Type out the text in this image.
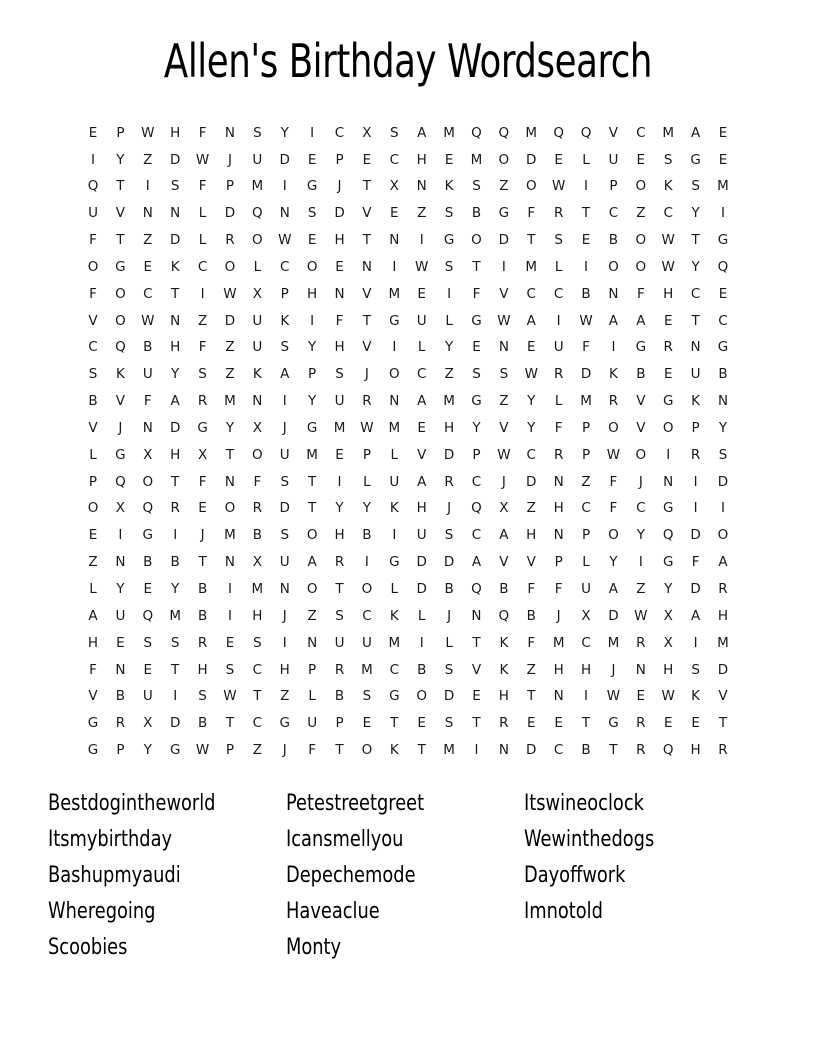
Allen's Birthday Wordsearch
E P W H F N S Y I C X S A M Q Q M Q Q V C M A E
I Y Z D W J U D E P E C H E M O D E L U E S G E
Q T I S F P M I G J T X N K S Z O W I P O K S M
U V N N L D Q N S D V E Z S B G F R T C Z C Y I
F T Z D L R O W E H T N I G O D T S E B O W T G
O G E K C O L C O E N I W S T I M L I O O W Y Q
F O C T I W X P H N V M E I F V C C B N F H C E
V O W N Z D U K I F T G U L G W A I W A A E T C
C Q B H F Z U S Y H V I L Y E N E U F I G R N G
S K U Y S Z K A P S J O C Z S S W R D K B E U B
B V F A R M N I Y U R N A M G Z Y L M R V G K N
V J N D G Y X J G M W M E H Y V Y F P O V O P Y
L G X H X T O U M E P L V D P W C R P W O I R S
P Q O T F N F S T I L U A R C J D N Z F J N I D
O X Q R E O R D T Y Y K H J Q X Z H C F C G I I
E I G I J M B S O H B I U S C A H N P O Y Q D O
Z N B B T N X U A R I G D D A V V P L Y I G F A
L Y E Y B I M N O T O L D B Q B F F U A Z Y D R
A U Q M B I H J Z S C K L J N Q B J X D W X A H
H E S S R E S I N U U M I L T K F M C M R X I M
F N E T H S C H P R M C B S V K Z H H J N H S D
V B U I S W T Z L B S G O D E H T N I W E W K V
G R X D B T C G U P E T E S T R E E T G R E E T
G P Y G W P Z J F T O K T M I N D C B T R Q H R
Bestdogintheworld
Itsmybirthday
Bashupmyaudi
Wheregoing
Scoobies
Petestreetgreet
Icansmellyou
Depechemode
Haveaclue
Monty
Itswineoclock
Wewinthedogs
Dayoffwork
Imnotold
